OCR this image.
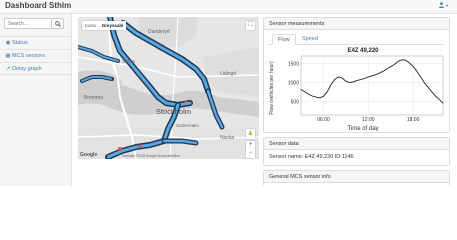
Dashboard Sthlm	▼
Search...
◉ Status
▦MCS sensors
↗ Delay graph
Danderyd
Solna
Lidingö
Bromma
Stockholm
Södermalm
Nacka
Karta	Greyscale	⛶
♟
+
−
Google	Kartdata ©2018 Google Användarvillkor
Sensor measurements
Flow	Speed
E4Z 49,220
Flow (vehicles per hour)
Time of day
500
1000
1500
06:00	12:00	18:00
Sensor data
Sensor name: E4Z 49,220 ID:1146
General MCS sensor info
